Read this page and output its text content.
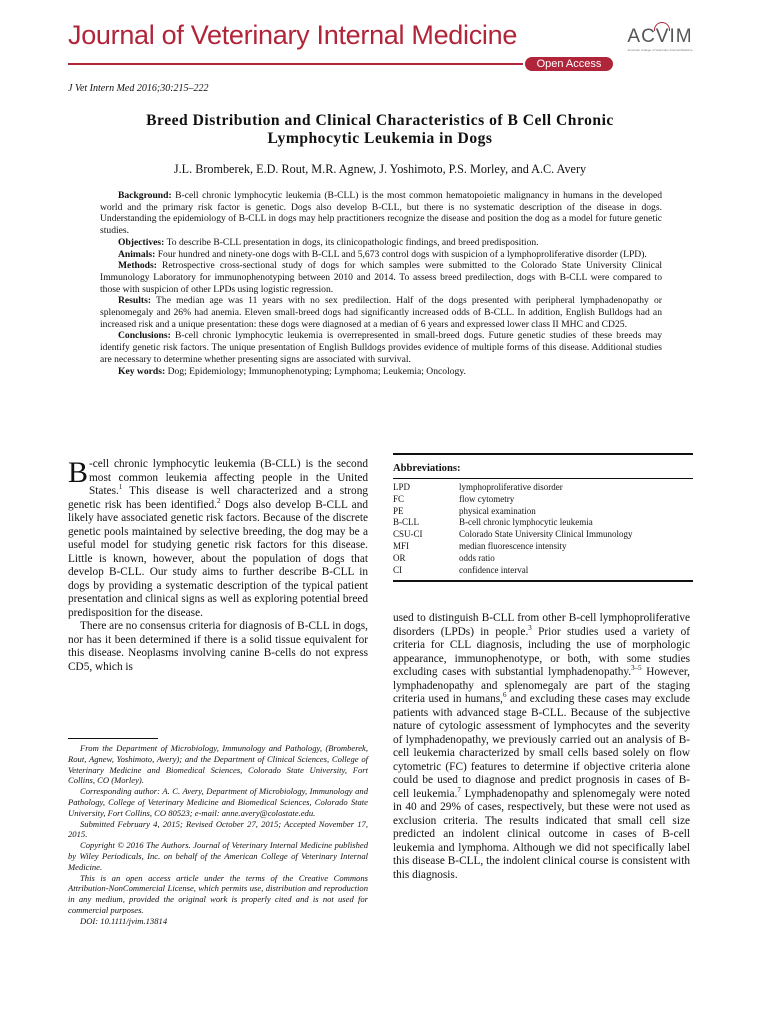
Journal of Veterinary Internal Medicine
Open Access
ACVIM
American College of Veterinary Internal Medicine
J Vet Intern Med 2016;30:215–222
Breed Distribution and Clinical Characteristics of B Cell Chronic
Lymphocytic Leukemia in Dogs
J.L. Bromberek, E.D. Rout, M.R. Agnew, J. Yoshimoto, P.S. Morley, and A.C. Avery

Background: B-cell chronic lymphocytic leukemia (B-CLL) is the most common hematopoietic malignancy in humans in the developed world and the primary risk factor is genetic. Dogs also develop B-CLL, but there is no systematic description of the disease in dogs. Understanding the epidemiology of B-CLL in dogs may help practitioners recognize the disease and position the dog as a model for future genetic studies.

Objectives: To describe B-CLL presentation in dogs, its clinicopathologic findings, and breed predisposition.

Animals: Four hundred and ninety-one dogs with B-CLL and 5,673 control dogs with suspicion of a lymphoproliferative disorder (LPD).

Methods: Retrospective cross-sectional study of dogs for which samples were submitted to the Colorado State University Clinical Immunology Laboratory for immunophenotyping between 2010 and 2014. To assess breed predilection, dogs with B-CLL were compared to those with suspicion of other LPDs using logistic regression.

Results: The median age was 11 years with no sex predilection. Half of the dogs presented with peripheral lymphadenopathy or splenomegaly and 26% had anemia. Eleven small-breed dogs had significantly increased odds of B-CLL. In addition, English Bulldogs had an increased risk and a unique presentation: these dogs were diagnosed at a median of 6 years and expressed lower class II MHC and CD25.

Conclusions: B-cell chronic lymphocytic leukemia is overrepresented in small-breed dogs. Future genetic studies of these breeds may identify genetic risk factors. The unique presentation of English Bulldogs provides evidence of multiple forms of this disease. Additional studies are necessary to determine whether presenting signs are associated with survival.

Key words: Dog; Epidemiology; Immunophenotyping; Lymphoma; Leukemia; Oncology.

B -cell chronic lymphocytic leukemia (B-CLL) is the second most common leukemia affecting people in the United States.$^1$ This disease is well characterized and a strong genetic risk has been identified.$^2$ Dogs also develop B-CLL and likely have associated genetic risk factors. Because of the discrete genetic pools maintained by selective breeding, the dog may be a useful model for studying genetic risk factors for this disease. Little is known, however, about the population of dogs that develop B-CLL. Our study aims to further describe B-CLL in dogs by providing a systematic description of the typical patient presentation and clinical signs as well as exploring potential breed predisposition for the disease.

There are no consensus criteria for diagnosis of B-CLL in dogs, nor has it been determined if there is a solid tissue equivalent for this disease. Neoplasms involving canine B-cells do not express CD5, which is

From the Department of Microbiology, Immunology and Pathology, (Bromberek, Rout, Agnew, Yoshimoto, Avery); and the Department of Clinical Sciences, College of Veterinary Medicine and Biomedical Sciences, Colorado State University, Fort Collins, CO (Morley).

Corresponding author: A. C. Avery, Department of Microbiology, Immunology and Pathology, College of Veterinary Medicine and Biomedical Sciences, Colorado State University, Fort Collins, CO 80523; e-mail: anne.avery@colostate.edu.

Submitted February 4, 2015; Revised October 27, 2015; Accepted November 17, 2015.

Copyright © 2016 The Authors. Journal of Veterinary Internal Medicine published by Wiley Periodicals, Inc. on behalf of the American College of Veterinary Internal Medicine.

This is an open access article under the terms of the Creative Commons Attribution-NonCommercial License, which permits use, distribution and reproduction in any medium, provided the original work is properly cited and is not used for commercial purposes.

DOI: 10.1111/jvim.13814

Abbreviations:
LPD	lymphoproliferative disorder
FC	flow cytometry
PE	physical examination
B-CLL	B-cell chronic lymphocytic leukemia
CSU-CI	Colorado State University Clinical Immunology
MFI	median fluorescence intensity
OR	odds ratio
CI	confidence interval

used to distinguish B-CLL from other B-cell lymphoproliferative disorders (LPDs) in people.$^3$ Prior studies used a variety of criteria for CLL diagnosis, including the use of morphologic appearance, immunophenotype, or both, with some studies excluding cases with substantial lymphadenopathy.$^{3-5}$ However, lymphadenopathy and splenomegaly are part of the staging criteria used in humans,$^6$ and excluding these cases may exclude patients with advanced stage B-CLL. Because of the subjective nature of cytologic assessment of lymphocytes and the severity of lymphadenopathy, we previously carried out an analysis of B-cell leukemia characterized by small cells based solely on flow cytometric (FC) features to determine if objective criteria alone could be used to diagnose and predict prognosis in cases of B-cell leukemia.$^7$ Lymphadenopathy and splenomegaly were noted in 40 and 29% of cases, respectively, but these were not used as exclusion criteria. The results indicated that small cell size predicted an indolent clinical outcome in cases of B-cell leukemia and lymphoma. Although we did not specifically label this disease B-CLL, the indolent clinical course is consistent with this diagnosis.
